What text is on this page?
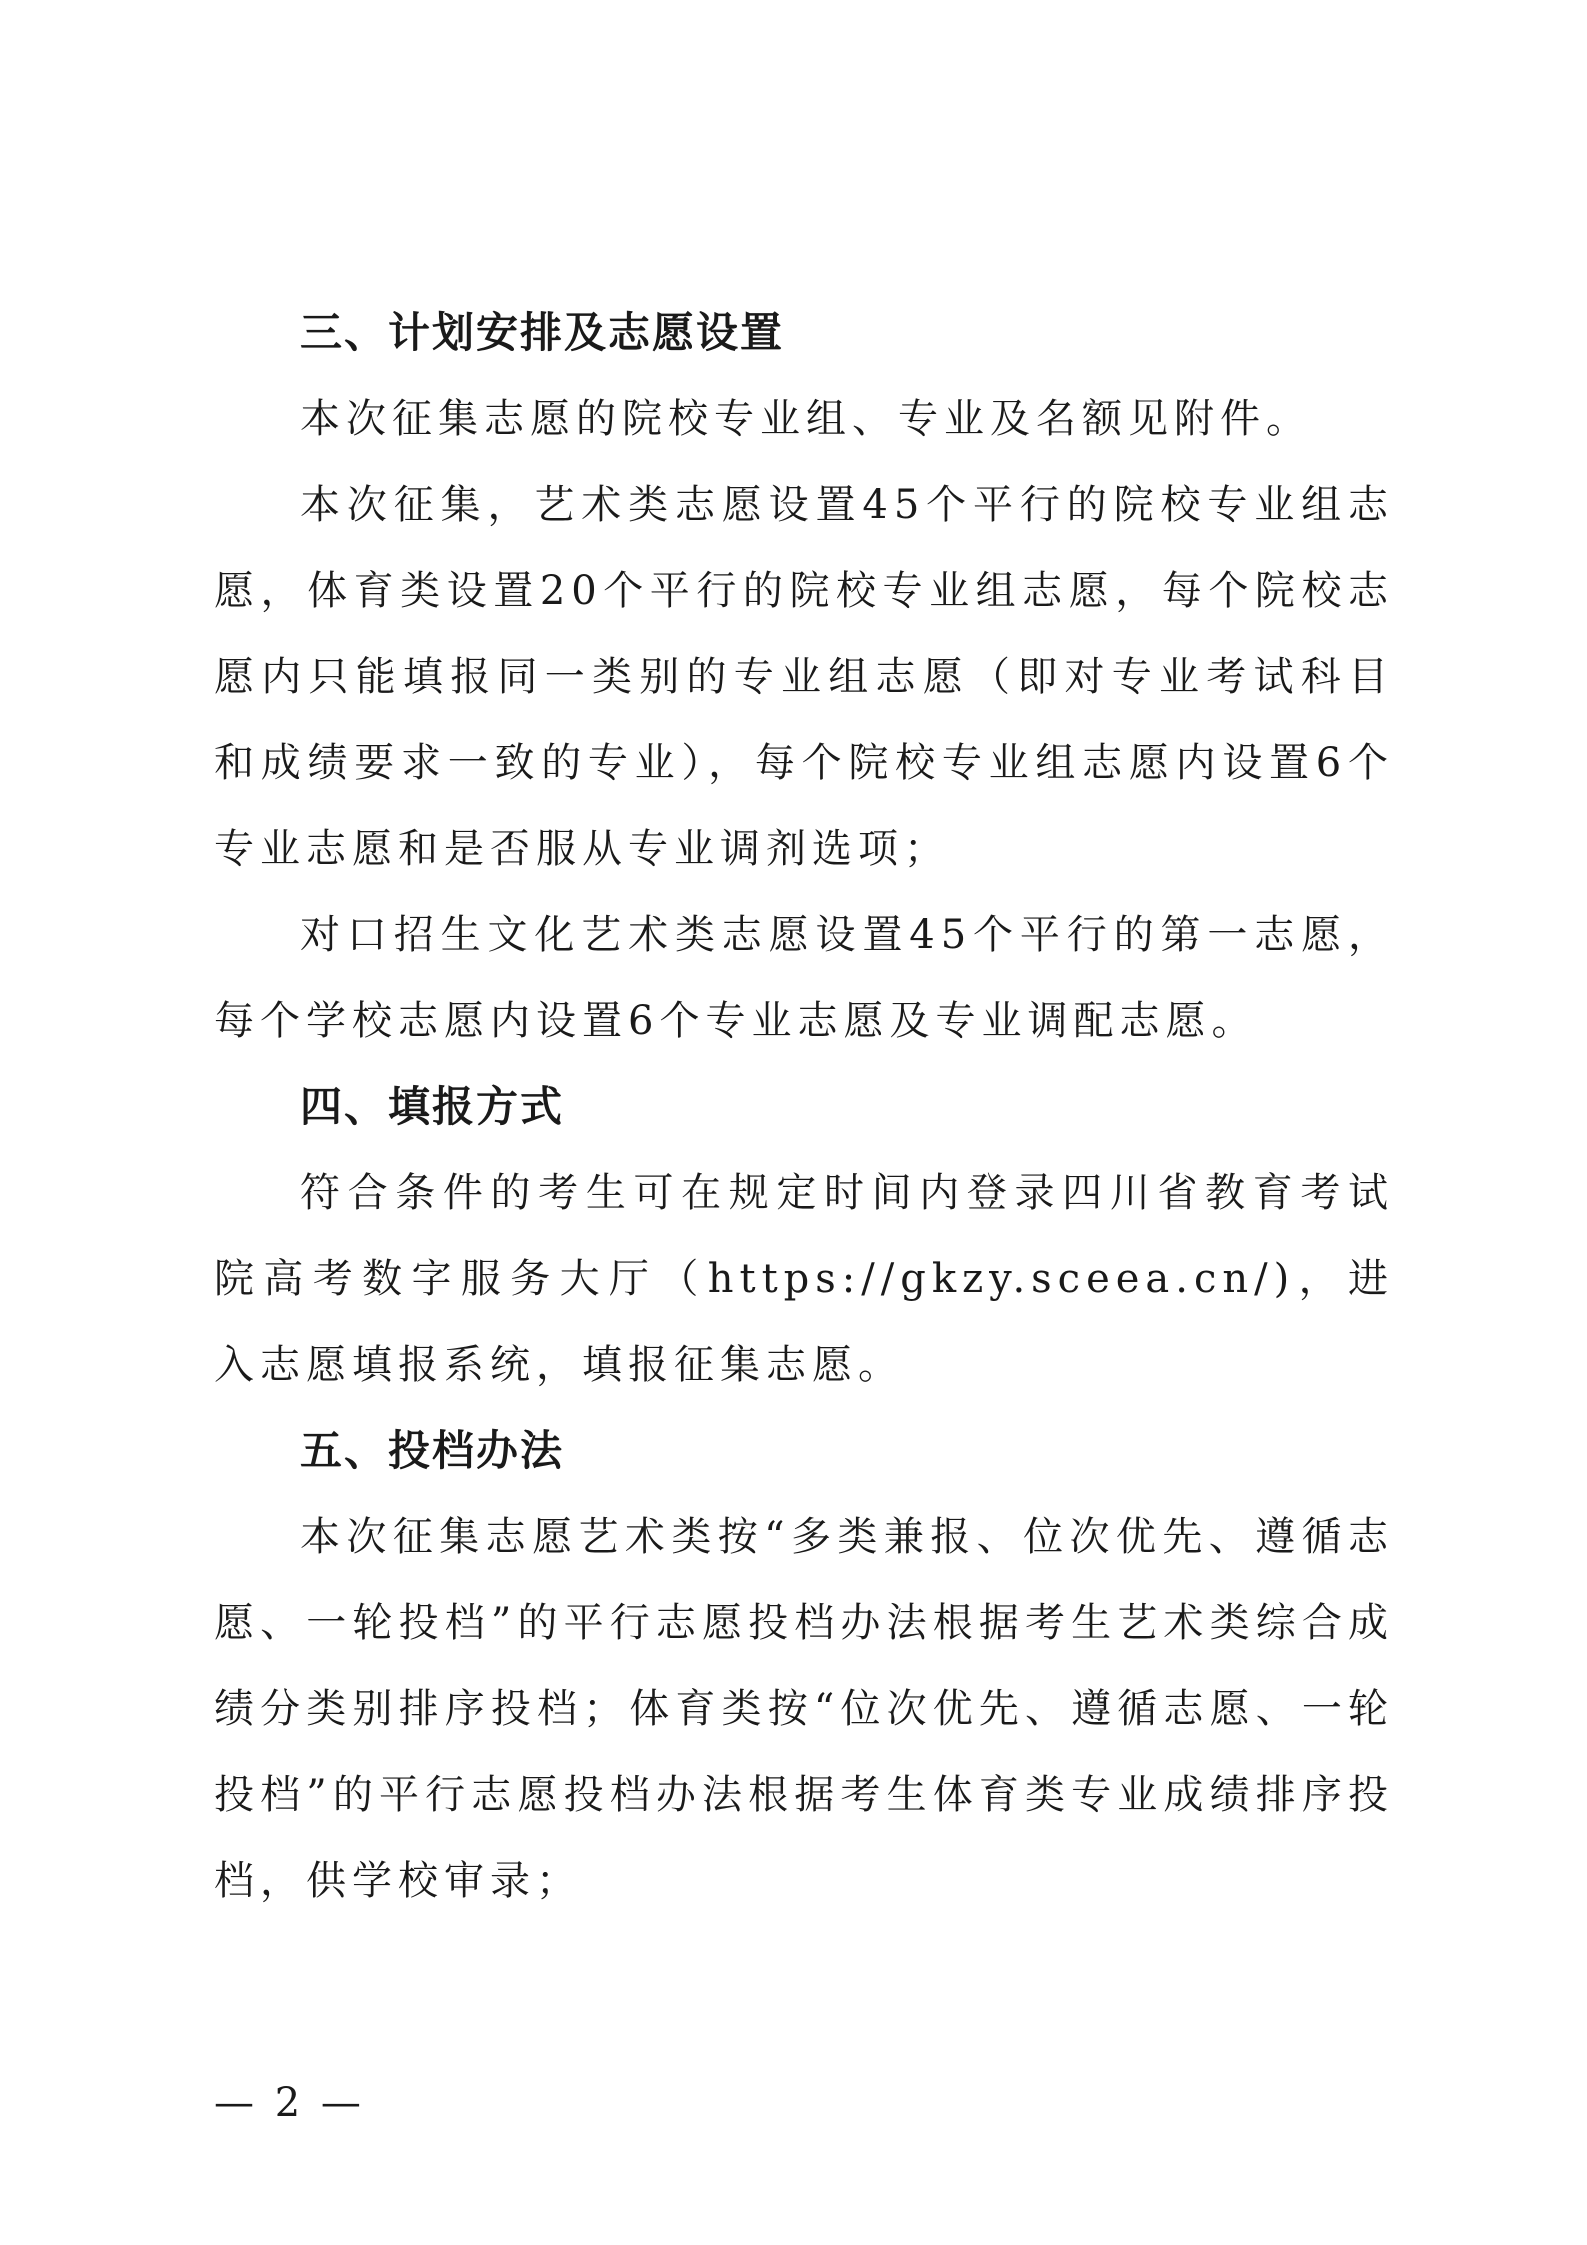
三、计划安排及志愿设置

本次征集志愿的院校专业组、专业及名额见附件。

本次征集，艺术类志愿设置45个平行的院校专业组志愿，体育类设置20个平行的院校专业组志愿，每个院校志愿内只能填报同一类别的专业组志愿（即对专业考试科目和成绩要求一致的专业），每个院校专业组志愿内设置6个专业志愿和是否服从专业调剂选项；

对口招生文化艺术类志愿设置45个平行的第一志愿，每个学校志愿内设置6个专业志愿及专业调配志愿。

四、填报方式

符合条件的考生可在规定时间内登录四川省教育考试院高考数字服务大厅（https://gkzy.sceea.cn/)，进入志愿填报系统，填报征集志愿。

五、投档办法

本次征集志愿艺术类按“多类兼报、位次优先、遵循志愿、一轮投档”的平行志愿投档办法根据考生艺术类综合成绩分类别排序投档；体育类按“位次优先、遵循志愿、一轮投档”的平行志愿投档办法根据考生体育类专业成绩排序投档，供学校审录；

— 2 —
